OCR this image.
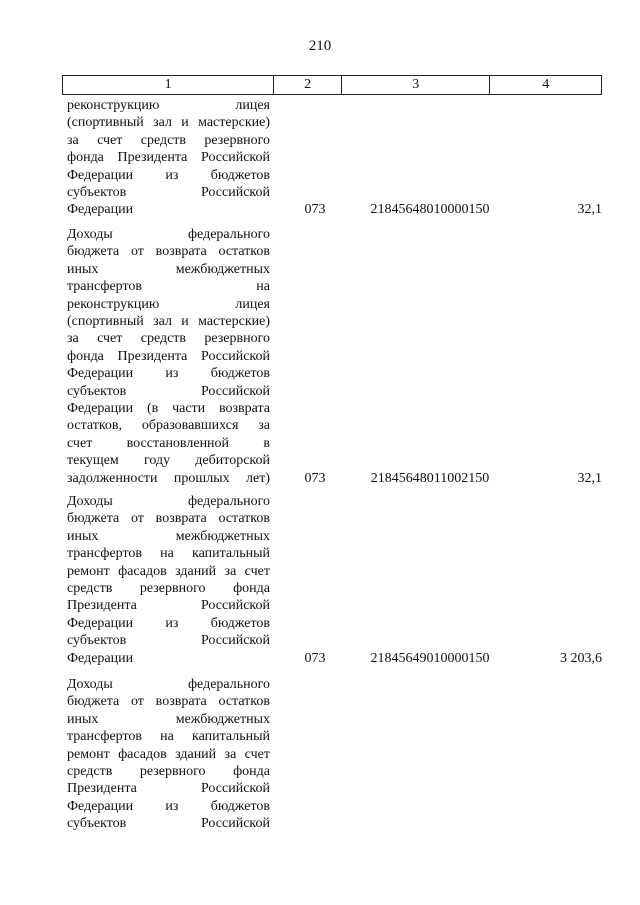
210
1	2	3	4
реконструкцию лицея
(спортивный зал и мастерские)
за счет средств резервного
фонда Президента Российской
Федерации из бюджетов
субъектов Российской
Федерации	073	21845648010000150	32,1
Доходы федерального
бюджета от возврата остатков
иных межбюджетных
трансфертов на
реконструкцию лицея
(спортивный зал и мастерские)
за счет средств резервного
фонда Президента Российской
Федерации из бюджетов
субъектов Российской
Федерации (в части возврата
остатков, образовавшихся за
счет восстановленной в
текущем году дебиторской
задолженности прошлых лет)	073	21845648011002150	32,1
Доходы федерального
бюджета от возврата остатков
иных межбюджетных
трансфертов на капитальный
ремонт фасадов зданий за счет
средств резервного фонда
Президента Российской
Федерации из бюджетов
субъектов Российской
Федерации	073	21845649010000150	3 203,6
Доходы федерального
бюджета от возврата остатков
иных межбюджетных
трансфертов на капитальный
ремонт фасадов зданий за счет
средств резервного фонда
Президента Российской
Федерации из бюджетов
субъектов Российской
